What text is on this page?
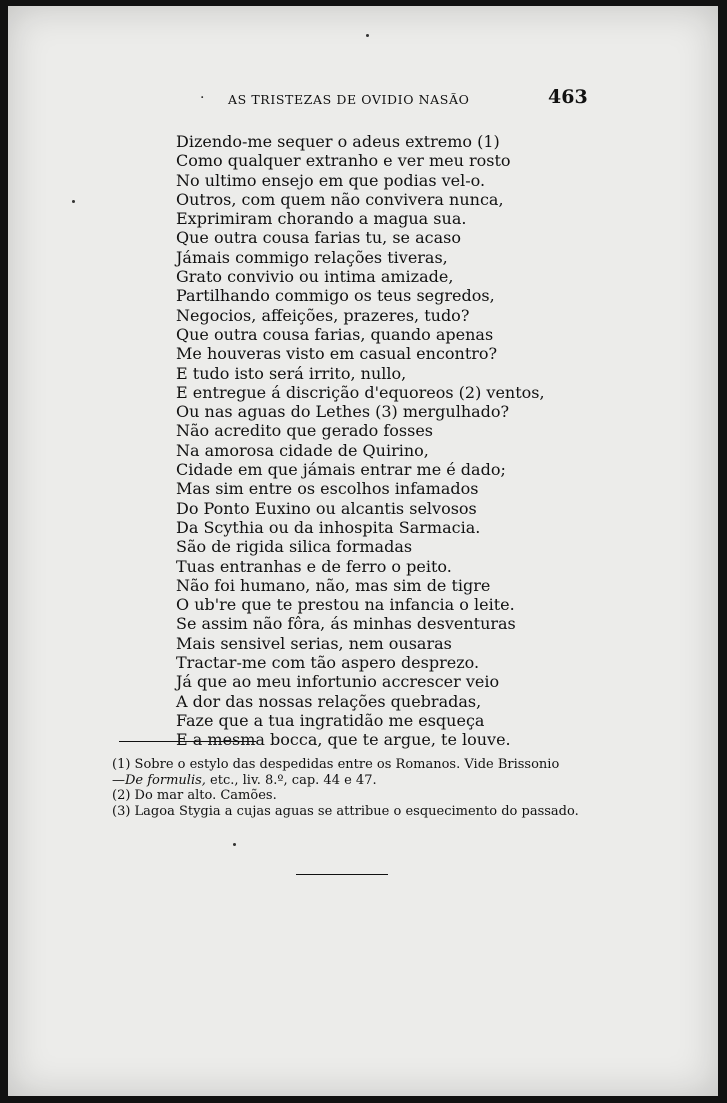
· AS TRISTEZAS DE OVIDIO NASÃO	463
Dizendo-me sequer o adeus extremo (1)
Como qualquer extranho e ver meu rosto
No ultimo ensejo em que podias vel-o.
Outros, com quem não convivera nunca,
Exprimiram chorando a magua sua.
Que outra cousa farias tu, se acaso
Jámais commigo relações tiveras,
Grato convivio ou intima amizade,
Partilhando commigo os teus segredos,
Negocios, affeições, prazeres, tudo?
Que outra cousa farias, quando apenas
Me houveras visto em casual encontro?
E tudo isto será irrito, nullo,
E entregue á discrição d'equoreos (2) ventos,
Ou nas aguas do Lethes (3) mergulhado?
Não acredito que gerado fosses
Na amorosa cidade de Quirino,
Cidade em que jámais entrar me é dado;
Mas sim entre os escolhos infamados
Do Ponto Euxino ou alcantis selvosos
Da Scythia ou da inhospita Sarmacia.
São de rigida silica formadas
Tuas entranhas e de ferro o peito.
Não foi humano, não, mas sim de tigre
O ub're que te prestou na infancia o leite.
Se assim não fôra, ás minhas desventuras
Mais sensivel serias, nem ousaras
Tractar-me com tão aspero desprezo.
Já que ao meu infortunio accrescer veio
A dor das nossas relações quebradas,
Faze que a tua ingratidão me esqueça
E a mesma bocca, que te argue, te louve.
(1) Sobre o estylo das despedidas entre os Romanos. Vide Brissonio
—De formulis, etc., liv. 8.º, cap. 44 e 47.
(2) Do mar alto. Camões.
(3) Lagoa Stygia a cujas aguas se attribue o esquecimento do passado.
